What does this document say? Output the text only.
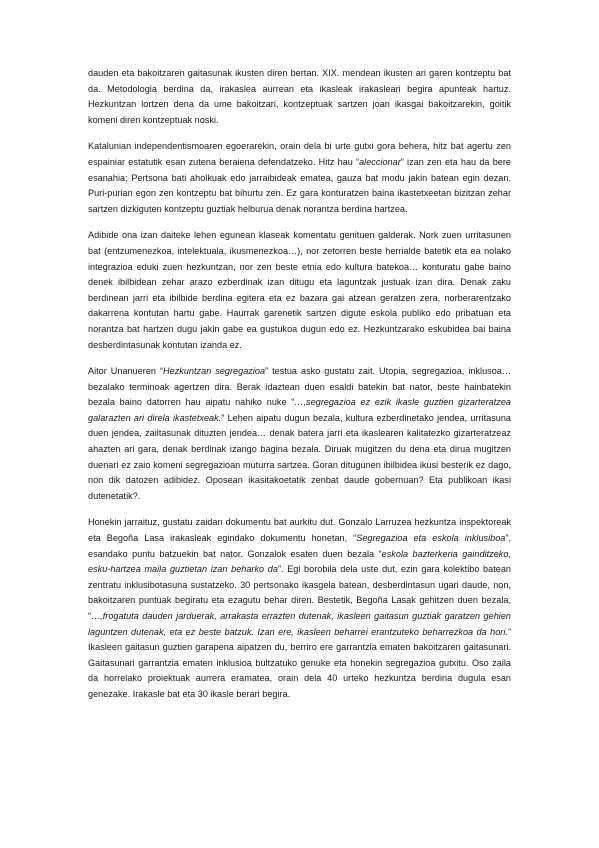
dauden eta bakoitzaren gaitasunak ikusten diren bertan. XIX. mendean ikusten ari garen kontzeptu bat da. Metodologia berdina da, irakaslea aurrean eta ikasleak irakasleari begira apunteak hartuz. Hezkuntzan lortzen dena da ume bakoitzari, kontzeptuak sartzen joan ikasgai bakoitzarekin, goitik komeni diren kontzeptuak noski.

Katalunian independentismoaren egoerarekin, orain dela bi urte gutxi gora behera, hitz bat agertu zen espainiar estatutik esan zutena beraiena defendatzeko. Hitz hau “aleccionar” izan zen eta hau da bere esanahia; Pertsona bati aholkuak edo jarraibideak ematea, gauza bat modu jakin batean egin dezan. Puri-purian egon zen kontzeptu bat bihurtu zen. Ez gara konturatzen baina ikastetxeetan bizitzan zehar sartzen dizkiguten kontzeptu guztiak helburua denak norantza berdina hartzea.

Adibide ona izan daiteke lehen egunean klaseak komentatu genituen galderak. Nork zuen urritasunen bat (entzumenezkoa, intelektuala, ikusmenezkoa…), nor zetorren beste herrialde batetik eta ea nolako integrazioa eduki zuen hezkuntzan, nor zen beste etnia edo kultura batekoa… konturatu gabe baino denek ibilbidean zehar arazo ezberdinak izan ditugu eta laguntzak justuak izan dira. Denak zaku berdinean jarri eta ibilbide berdina egitera eta ez bazara gai atzean geratzen zera, norberarentzako dakarrena kontutan hartu gabe. Haurrak garenetik sartzen digute eskola publiko edo pribatuan eta norantza bat hartzen dugu jakin gabe ea gustukoa dugun edo ez. Hezkuntzarako eskubidea bai baina desberdintasunak kontutan izanda ez.

Aitor Unanueren “Hezkuntzan segregazioa” testua asko gustatu zait. Utopia, segregazioa, inklusoa… bezalako terminoak agertzen dira. Berak idaztean duen esaldi batekin bat nator, beste hainbatekin bezala baino datorren hau aipatu nahiko nuke “…,segregazioa ez ezik ikasle guztien gizarteratzea galarazten ari direla ikastetxeak.” Lehen aipatu dugun bezala, kultura ezberdinetako jendea, urritasuna duen jendea, zailtasunak dituzten jendea… denak batera jarri eta ikaslearen kalitatezko gizarteratzeaz ahazten ari gara, denak berdinak izango bagina bezala. Diruak mugitzen du dena eta dirua mugitzen duenari ez zaio komeni segregazioan muturra sartzea. Goran ditugunen ibilbidea ikusi besterik ez dago, non dik datozen adibidez. Oposean ikasitakoetatik zenbat daude gobernuan? Eta publikoan ikasi dutenetatik?.

Honekin jarraituz, gustatu zaidan dokumentu bat aurkitu dut. Gonzalo Larruzea hezkuntza inspektoreak eta Begoña Lasa irakasleak egindako dokumentu honetan, “Segregazioa eta eskola inklusiboa”, esandako puntu batzuekin bat nator. Gonzalok esaten duen bezala “eskola bazterkeria gainditzeko, esku-hartzea maila guztietan izan beharko da”. Egi borobila dela uste dut, ezin gara kolektibo batean zentratu inklusibotasuna sustatzeko. 30 pertsonako ikasgela batean, desberdintasun ugari daude, non, bakoitzaren puntuak begiratu eta ezagutu behar diren. Bestetik, Begoña Lasak gehitzen duen bezala, “…,frogatuta dauden jarduerak, arrakasta errazten dutenak, ikasleen gaitasun guztiak garatzen gehien laguntzen dutenak, eta ez beste batzuk. Izan ere, ikasleen beharrei erantzuteko beharrezkoa da hori.” Ikasleen gaitasun guztien garapena aipatzen du, berriro ere garrantzia ematen bakoitzaren gaitasunari. Gaitasunari garrantzia ematen inklusioa bultzatuko genuke eta honekin segregazioa gutxitu. Oso zaila da horrelako proiektuak aurrera eramatea, orain dela 40 urteko hezkuntza berdina dugula esan genezake. Irakasle bat eta 30 ikasle berari begira.
